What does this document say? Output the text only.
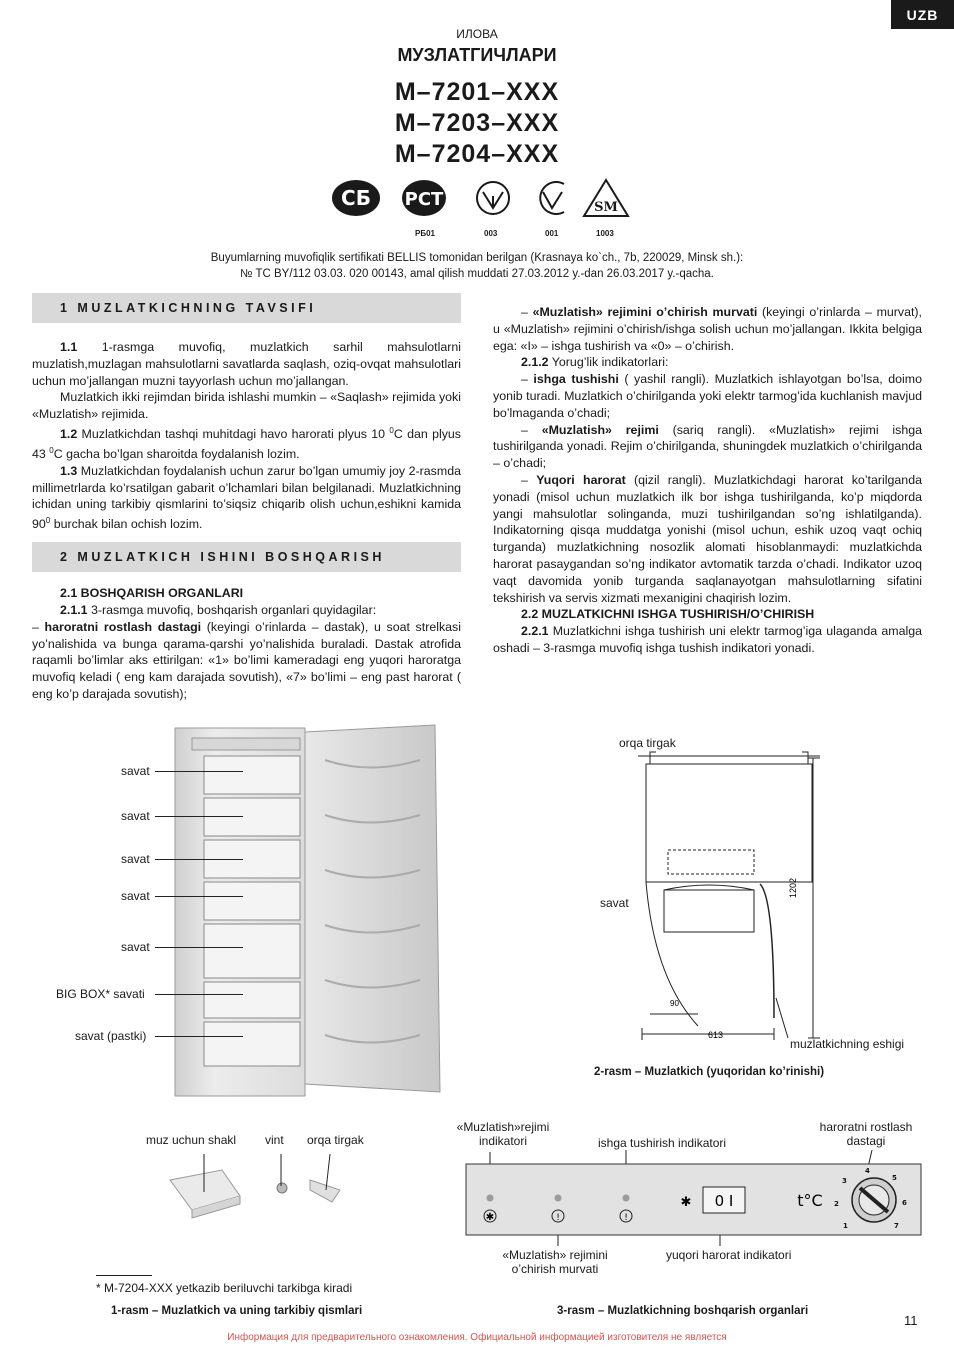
UZB
ИЛОВА
МУЗЛАТГИЧЛАРИ
M–7201–XXX
M–7203–XXX
M–7204–XXX
СБ РСТ	SM
РБ01	003	001	1003
Buyumlarning muvofiqlik sertifikati BELLIS tomonidan berilgan (Krasnaya ko`ch., 7b, 220029, Minsk sh.):
№ TC BY/112 03.03. 020 00143, amal qilish muddati 27.03.2012 y.-dan 26.03.2017 y.-qacha.
1 MUZLATKICHNING TAVSIFI

1.1 1-rasmga muvofiq, muzlatkich sarhil mahsulotlarni muzlatish,muzlagan mahsulotlarni savatlarda saqlash, oziq-ovqat mahsulotlari uchun mo’jallangan muzni tayyorlash uchun mo’jallangan.

Muzlatkich ikki rejimdan birida ishlashi mumkin – «Saqlash» rejimida yoki «Muzlatish» rejimida.

1.2 Muzlatkichdan tashqi muhitdagi havo harorati plyus 10 $^0$C dan plyus 43 $^0$C gacha bo’lgan sharoitda foydalanish lozim.

1.3 Muzlatkichdan foydalanish uchun zarur bo’lgan umumiy joy 2-rasmda millimetrlarda ko’rsatilgan gabarit o’lchamlari bilan belgilanadi. Muzlatkichning ichidan uning tarkibiy qismlarini to’siqsiz chiqarib olish uchun,eshikni kamida $90^0$ burchak bilan ochish lozim.

2 MUZLATKICH ISHINI BOSHQARISH

2.1 BOSHQARISH ORGANLARI

2.1.1 3-rasmga muvofiq, boshqarish organlari quyidagilar:

– haroratni rostlash dastagi (keyingi o’rinlarda – dastak), u soat strelkasi yo’nalishida va bunga qarama-qarshi yo’nalishida buraladi. Dastak atrofida raqamli bo’limlar aks ettirilgan: «1» bo’limi kameradagi eng yuqori haroratga muvofiq keladi ( eng kam darajada sovutish), «7» bo’limi – eng past harorat ( eng ko’p darajada sovutish);

– «Muzlatish» rejimini o’chirish murvati (keyingi o’rinlarda – murvat), u «Muzlatish» rejimini o’chirish/ishga solish uchun mo’jallangan. Ikkita belgiga ega: «I» – ishga tushirish va «0» – o’chirish.

2.1.2 Yorug’lik indikatorlari:

– ishga tushishi ( yashil rangli). Muzlatkich ishlayotgan bo’lsa, doimo yonib turadi. Muzlatkich o’chirilganda yoki elektr tarmog’ida kuchlanish mavjud bo’lmaganda o’chadi;

– «Muzlatish» rejimi (sariq rangli). «Muzlatish» rejimi ishga tushirilganda yonadi. Rejim o’chirilganda, shuningdek muzlatkich o’chirilganda – o’chadi;

– Yuqori harorat (qizil rangli). Muzlatkichdagi harorat ko’tarilganda yonadi (misol uchun muzlatkich ilk bor ishga tushirilganda, ko’p miqdorda yangi mahsulotlar solinganda, muzi tushirilgandan so’ng ishlatilganda). Indikatorning qisqa muddatga yonishi (misol uchun, eshik uzoq vaqt ochiq turganda) muzlatkichning nosozlik alomati hisoblanmaydi: muzlatkichda harorat pasaygandan so’ng indikator avtomatik tarzda o’chadi. Indikator uzoq vaqt davomida yonib turganda saqlanayotgan mahsulotlarning sifatini tekshirish va servis xizmati mexanigini chaqirish lozim.

2.2 MUZLATKICHNI ISHGA TUSHIRISH/O’CHIRISH

2.2.1 Muzlatkichni ishga tushirish uni elektr tarmog’iga ulaganda amalga oshadi – 3-rasmga muvofiq ishga tushish indikatori yonadi.

savat
savat
savat
savat
savat
BIG BOX* savati
savat (pastki)
1202
613
90
orqa tirgak
savat
muzlatkichning eshigi
2-rasm – Muzlatkich (yuqoridan ko’rinishi)
muz uchun shakl vint orqa tirgak
* M-7204-XXX yetkazib beriluvchi tarkibga kiradi
1-rasm – Muzlatkich va uning tarkibiy qismlari
«Muzlatish»rejimi
indikatori	ishga tushirish indikatori
haroratni rostlash
dastagi
✱	!	!
✱ 0 I	t°C
1
2
3
4
5
6
7
«Muzlatish» rejimini
o’chirish murvati
yuqori harorat indikatori
3-rasm – Muzlatkichning boshqarish organlari
11
Информация для предварительного ознакомления. Официальной информацией изготовителя не является
